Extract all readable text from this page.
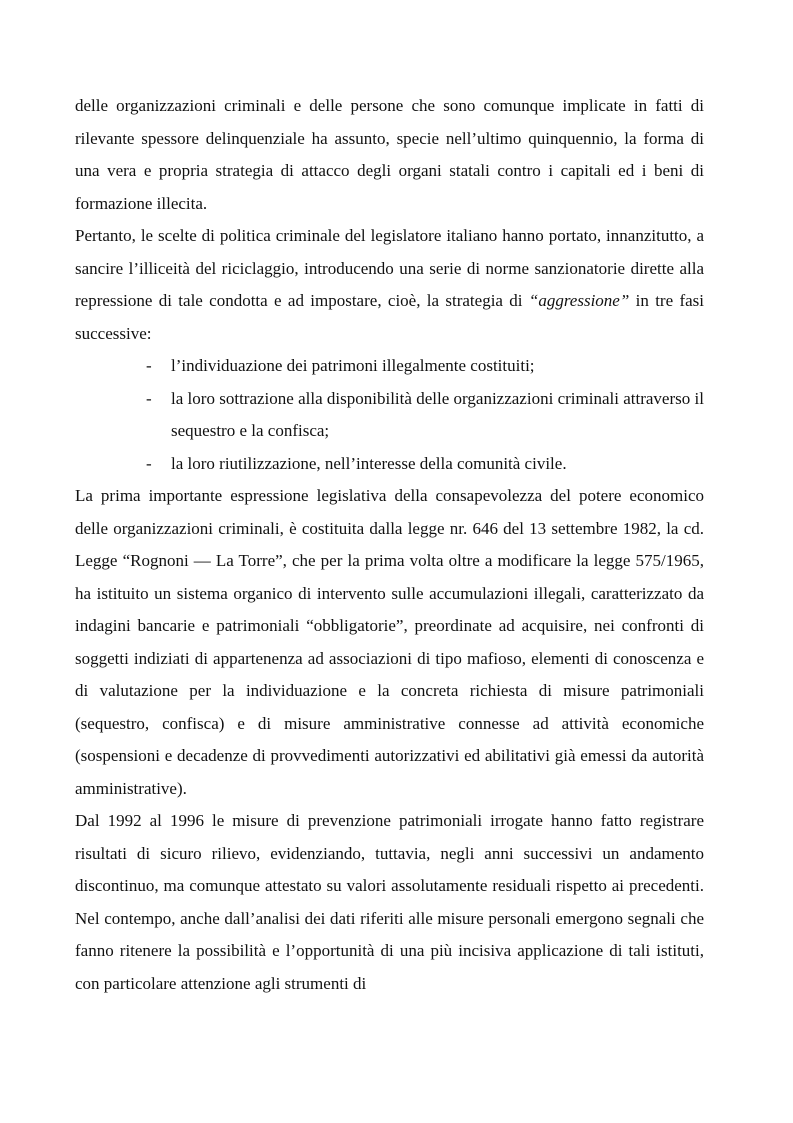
delle organizzazioni criminali e delle persone che sono comunque implicate in fatti di rilevante spessore delinquenziale ha assunto, specie nell’ultimo quinquennio, la forma di una vera e propria strategia di attacco degli organi statali contro i capitali ed i beni di formazione illecita.

Pertanto, le scelte di politica criminale del legislatore italiano hanno portato, innanzitutto, a sancire l’illiceità del riciclaggio, introducendo una serie di norme sanzionatorie dirette alla repressione di tale condotta e ad impostare, cioè, la strategia di “aggressione” in tre fasi successive:

- l’individuazione dei patrimoni illegalmente costituiti;
- la loro sottrazione alla disponibilità delle organizzazioni criminali attraverso il sequestro e la confisca;
- la loro riutilizzazione, nell’interesse della comunità civile.

La prima importante espressione legislativa della consapevolezza del potere economico delle organizzazioni criminali, è costituita dalla legge nr. 646 del 13 settembre 1982, la cd. Legge “Rognoni — La Torre”, che per la prima volta oltre a modificare la legge 575/1965, ha istituito un sistema organico di intervento sulle accumulazioni illegali, caratterizzato da indagini bancarie e patrimoniali “obbligatorie”, preordinate ad acquisire, nei confronti di soggetti indiziati di appartenenza ad associazioni di tipo mafioso, elementi di conoscenza e di valutazione per la individuazione e la concreta richiesta di misure patrimoniali (sequestro, confisca) e di misure amministrative connesse ad attività economiche (sospensioni e decadenze di provvedimenti autorizzativi ed abilitativi già emessi da autorità amministrative).

Dal 1992 al 1996 le misure di prevenzione patrimoniali irrogate hanno fatto registrare risultati di sicuro rilievo, evidenziando, tuttavia, negli anni successivi un andamento discontinuo, ma comunque attestato su valori assolutamente residuali rispetto ai precedenti. Nel contempo, anche dall’analisi dei dati riferiti alle misure personali emergono segnali che fanno ritenere la possibilità e l’opportunità di una più incisiva applicazione di tali istituti, con particolare attenzione agli strumenti di
